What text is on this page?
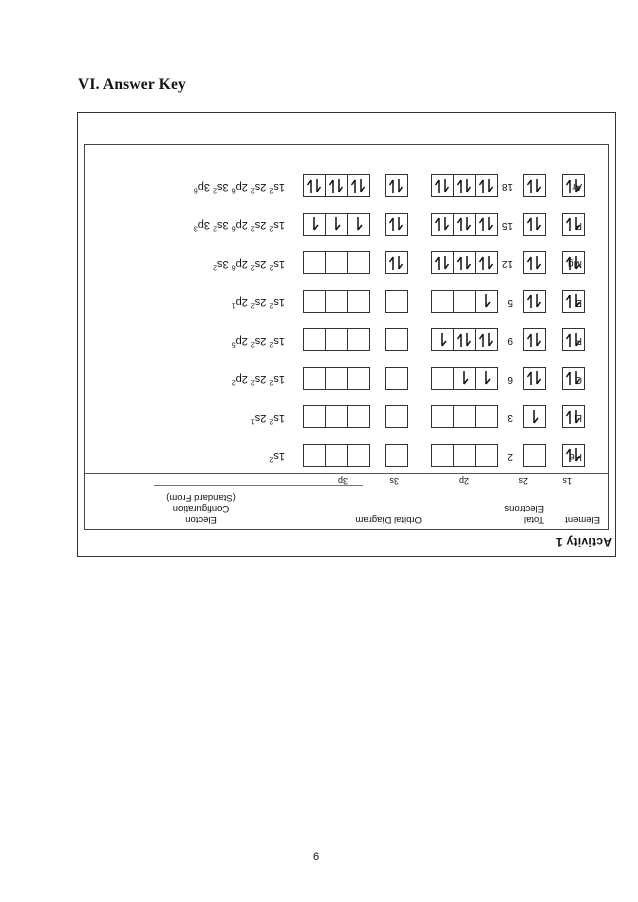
VI. Answer Key
Activity 1
Element
Total
Electrons
Orbital Diagram
Electon
Configuration
(Standard From)
1s
2s
2p
3s
3p
He
2
$1s^2$
Li
3
$1s^2$ $2s^1$
C
6
$1s^2$ $2s^2$ $2p^2$
F
9
$1s^2$ $2s^2$ $2p^5$
B
5
$1s^2$ $2s^2$ $2p^1$
Mg
12
$1s^2$ $2s^2$ $2p^6$ $3s^2$
P
15
$1s^2$ $2s^2$ $2p^6$ $3s^2$ $3p^3$
Ar
18
$1s^2$ $2s^2$ $2p^6$ $3s^2$ $3p^6$
6
